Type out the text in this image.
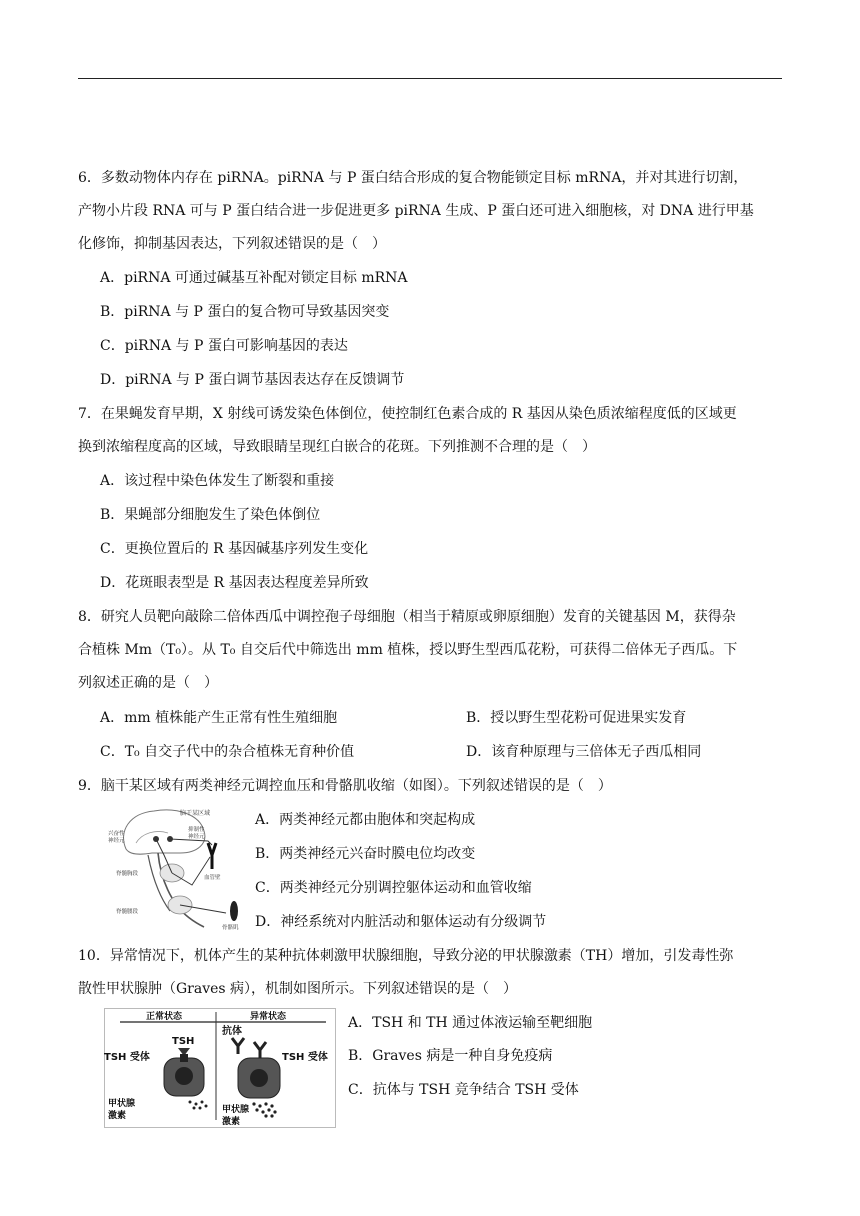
6．多数动物体内存在 piRNA。piRNA 与 P 蛋白结合形成的复合物能锁定目标 mRNA，并对其进行切割，
产物小片段 RNA 可与 P 蛋白结合进一步促进更多 piRNA 生成、P 蛋白还可进入细胞核，对 DNA 进行甲基
化修饰，抑制基因表达，下列叙述错误的是（　）
A．piRNA 可通过碱基互补配对锁定目标 mRNA
B．piRNA 与 P 蛋白的复合物可导致基因突变
C．piRNA 与 P 蛋白可影响基因的表达
D．piRNA 与 P 蛋白调节基因表达存在反馈调节
7．在果蝇发育早期，X 射线可诱发染色体倒位，使控制红色素合成的 R 基因从染色质浓缩程度低的区域更
换到浓缩程度高的区域，导致眼睛呈现红白嵌合的花斑。下列推测不合理的是（　）
A．该过程中染色体发生了断裂和重接
B．果蝇部分细胞发生了染色体倒位
C．更换位置后的 R 基因碱基序列发生变化
D．花斑眼表型是 R 基因表达程度差异所致
8．研究人员靶向敲除二倍体西瓜中调控孢子母细胞（相当于精原或卵原细胞）发育的关键基因 M，获得杂
合植株 Mm（T₀）。从 T₀ 自交后代中筛选出 mm 植株，授以野生型西瓜花粉，可获得二倍体无子西瓜。下
列叙述正确的是（　）
A．mm 植株能产生正常有性生殖细胞	B．授以野生型花粉可促进果实发育
C．T₀ 自交子代中的杂合植株无育种价值	D．该育种原理与三倍体无子西瓜相同
9．脑干某区域有两类神经元调控血压和骨骼肌收缩（如图）。下列叙述错误的是（　）
脑干某区域
兴奋性
神经元
抑制性
神经元
脊髓胸段
血管壁
脊髓腰段
骨骼肌
A．两类神经元都由胞体和突起构成
B．两类神经元兴奋时膜电位均改变
C．两类神经元分别调控躯体运动和血管收缩
D．神经系统对内脏活动和躯体运动有分级调节
10．异常情况下，机体产生的某种抗体刺激甲状腺细胞，导致分泌的甲状腺激素（TH）增加，引发毒性弥
散性甲状腺肿（Graves 病），机制如图所示。下列叙述错误的是（　）
正常状态	异常状态
TSH
TSH 受体
甲状腺
激素
抗体
TSH 受体
甲状腺
激素
A．TSH 和 TH 通过体液运输至靶细胞
B．Graves 病是一种自身免疫病
C．抗体与 TSH 竞争结合 TSH 受体
